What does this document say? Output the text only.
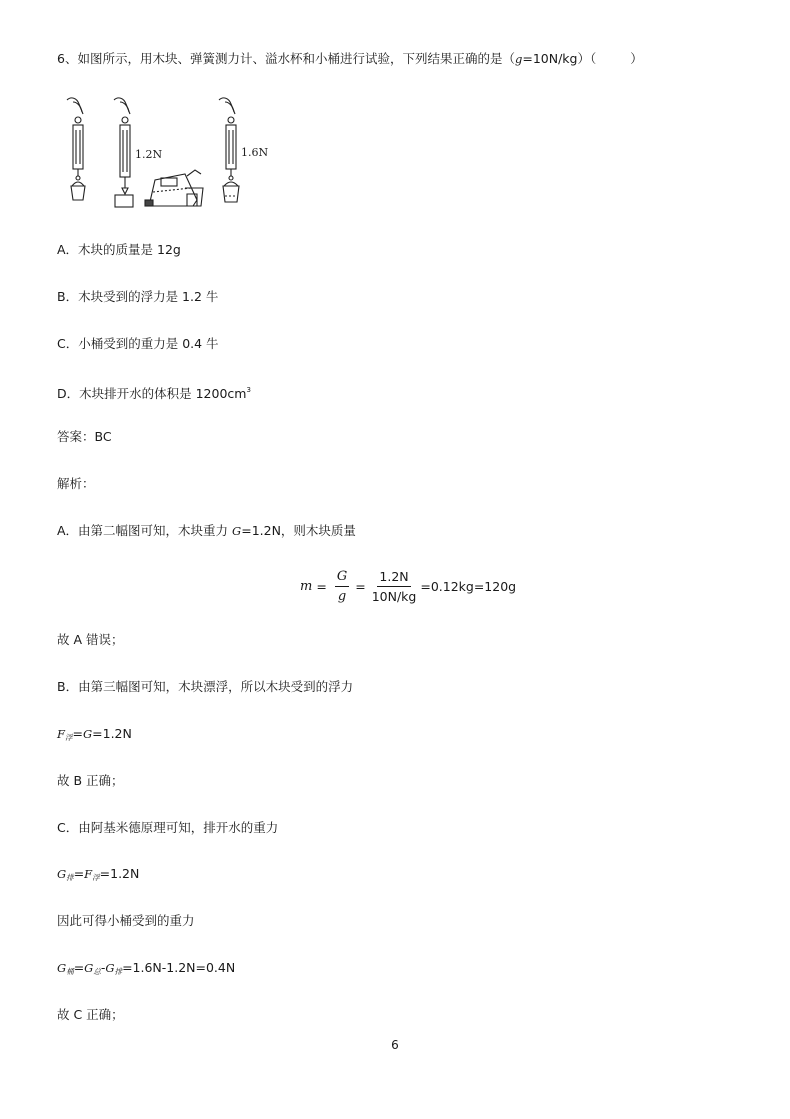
6、如图所示，用木块、弹簧测力计、溢水杯和小桶进行试验，下列结果正确的是（g=10N/kg）（	）
1.2N	1.6N
A．木块的质量是 12g
B．木块受到的浮力是 1.2 牛
C．小桶受到的重力是 0.4 牛
D．木块排开水的体积是 $1200cm^3$
答案：BC
解析：
A．由第二幅图可知，木块重力 G=1.2N，则木块质量
$m = \frac{G}{g} = \frac{1.2N}{10N/kg} =0.12kg=120g$
故 A 错误；
B．由第三幅图可知，木块漂浮，所以木块受到的浮力
$F_浮=G=1.2N$
故 B 正确；
C．由阿基米德原理可知，排开水的重力
$G_排=F_浮=1.2N$
因此可得小桶受到的重力
$G_桶=G_总-G_排=1.6N-1.2N=0.4N$
故 C 正确；
6
